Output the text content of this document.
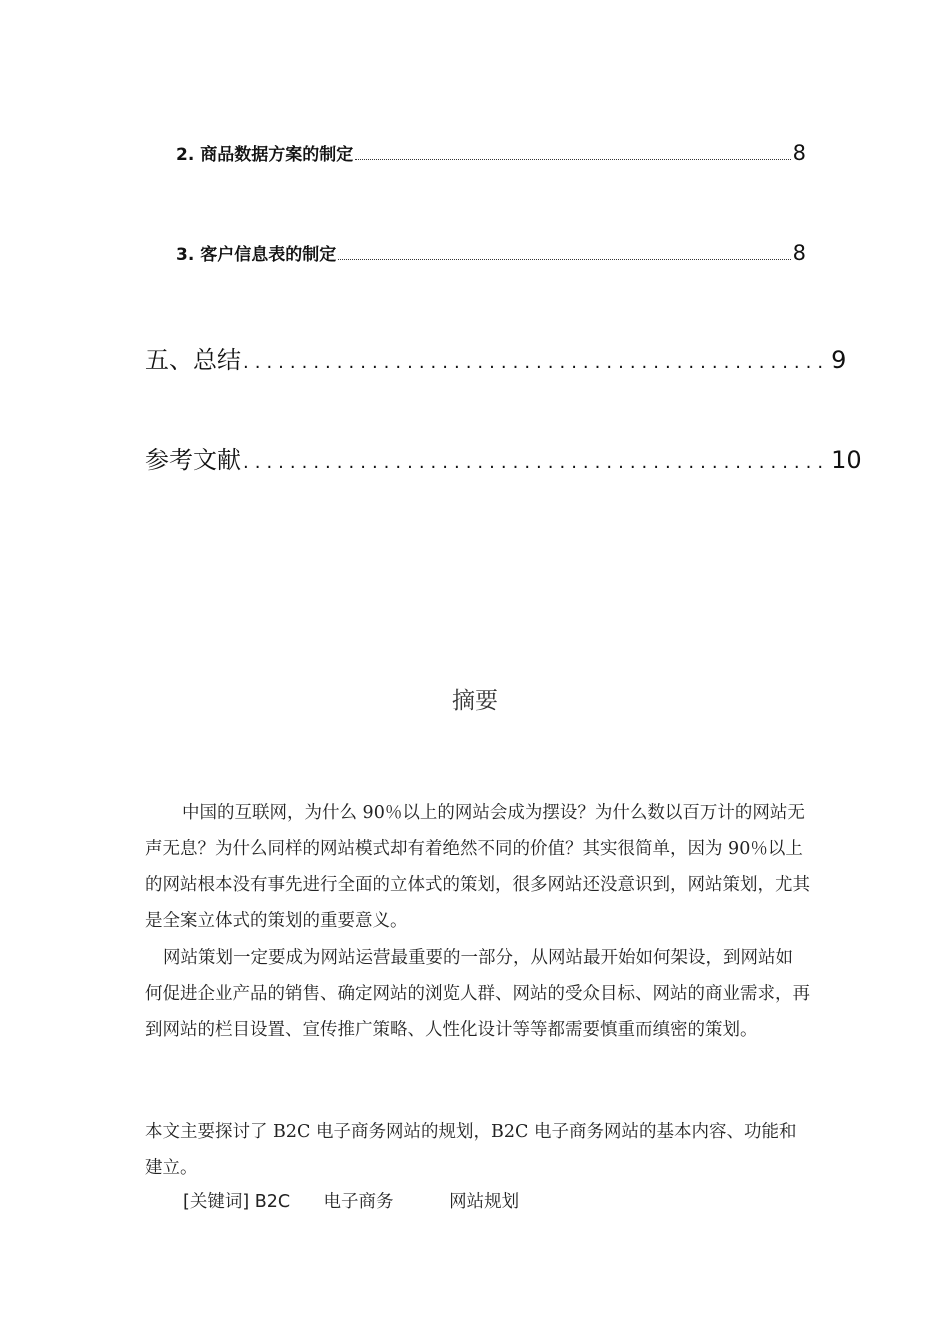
2. 商品数据方案的制定	8
3. 客户信息表的制定	8
五、总结 .................................................. 9
参考文献 .................................................. 10
摘要
中国的互联网，为什么 90％以上的网站会成为摆设？为什么数以百万计的网站无声无息？为什么同样的网站模式却有着绝然不同的价值？其实很简单，因为 90％以上的网站根本没有事先进行全面的立体式的策划，很多网站还没意识到，网站策划，尤其是全案立体式的策划的重要意义。
网站策划一定要成为网站运营最重要的一部分，从网站最开始如何架设，到网站如何促进企业产品的销售、确定网站的浏览人群、网站的受众目标、网站的商业需求，再到网站的栏目设置、宣传推广策略、人性化设计等等都需要慎重而缜密的策划。
本文主要探讨了 B2C 电子商务网站的规划，B2C 电子商务网站的基本内容、功能和建立。
[关键词] B2C      电子商务          网站规划
